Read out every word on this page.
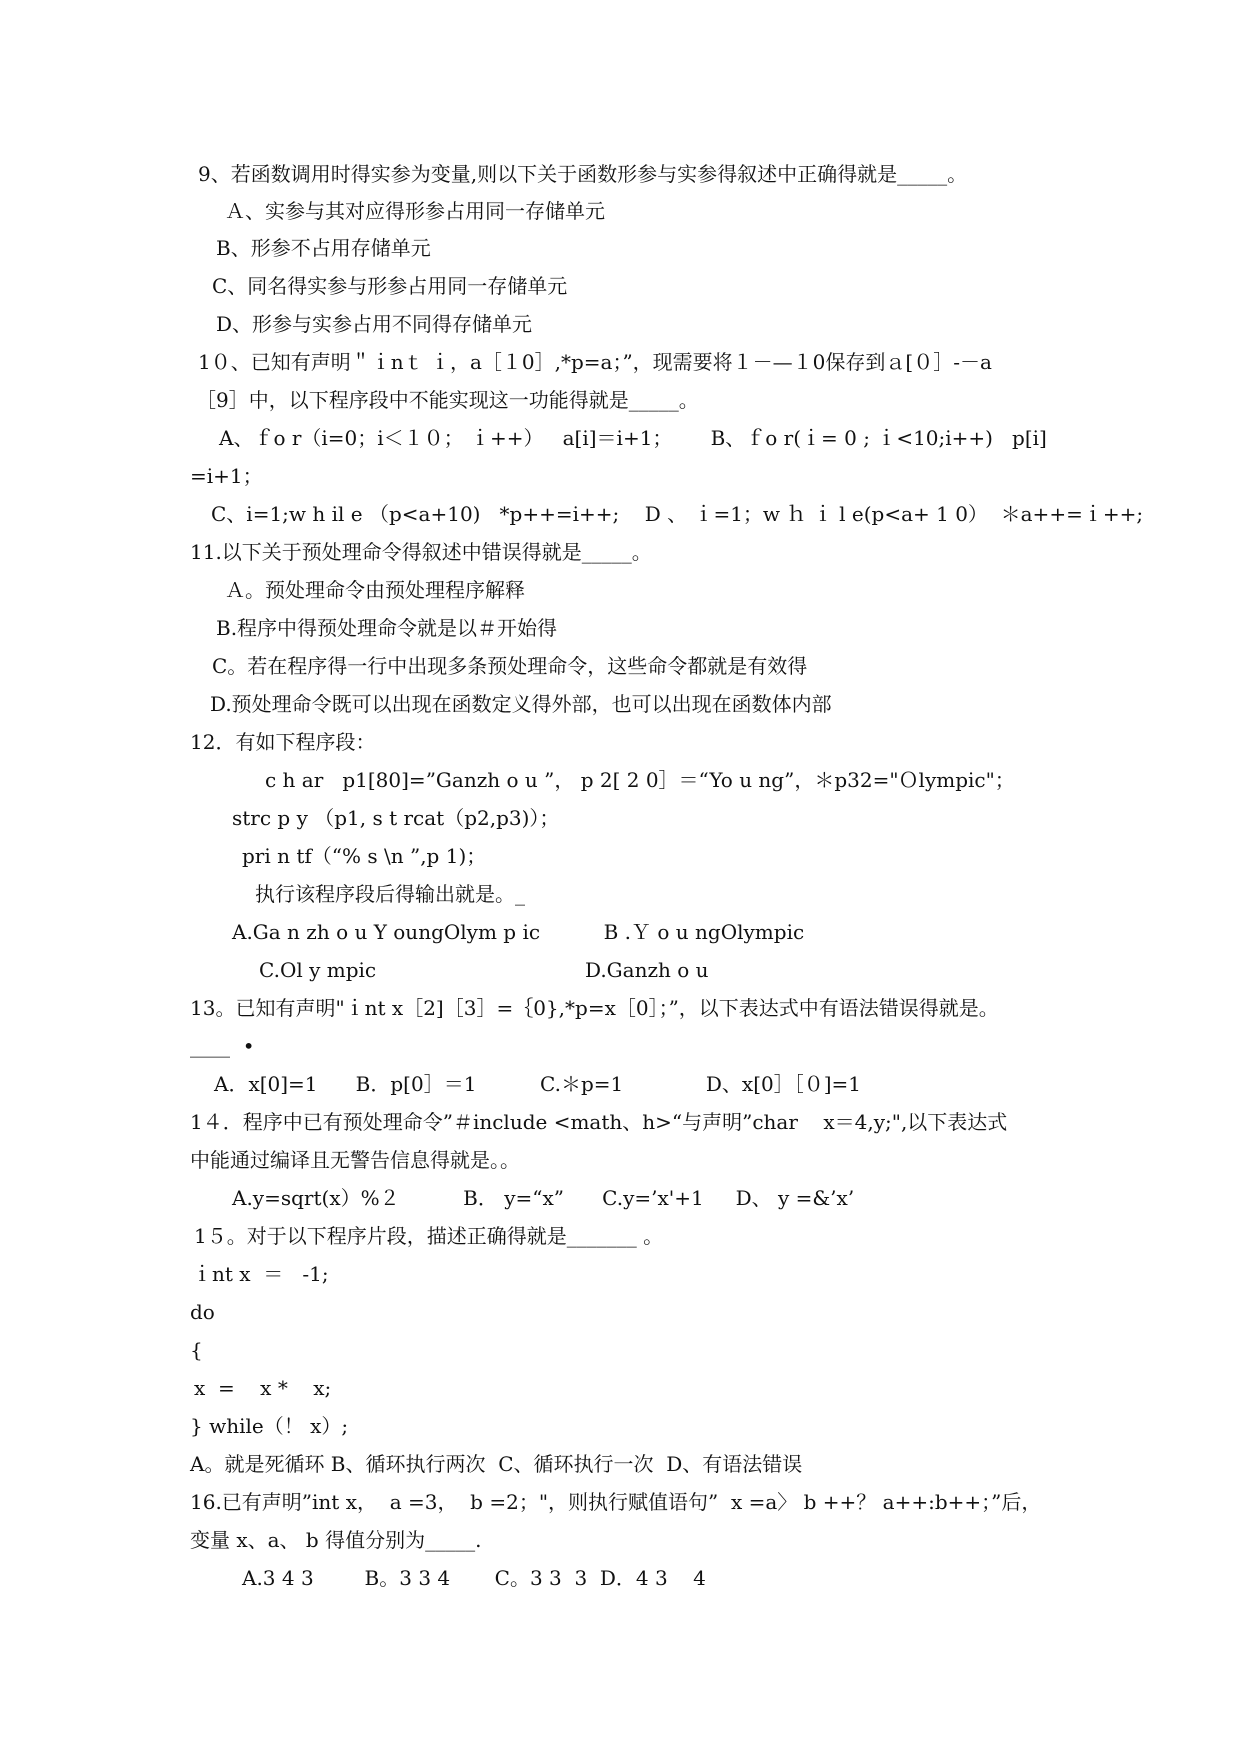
9、若函数调用时得实参为变量,则以下关于函数形参与实参得叙述中正确得就是_____。
Ａ、实参与其对应得形参占用同一存储单元
B、形参不占用存储单元
C、同名得实参与形参占用同一存储单元
D、形参与实参占用不同得存储单元
1０、已知有声明＂ｉnｔ ｉ，a［１0］,*p=a；”，现需要将１－—１0保存到ａ[０］-－a
［9］中，以下程序段中不能实现这一功能得就是_____。
A、ｆo r（i=0；i＜１０； ｉ++）   a[i]＝i+1；      B、ｆo r(ｉ= 0 ; ｉ<10;i++)   p[i]
=i+1；
C、i=1;w h il e （p<a+10)   *p++=i++;    D 、 ｉ=1；w ｈ ｉ l e(p<a+ 1 0）  ＊a++=ｉ++;
11.以下关于预处理命令得叙述中错误得就是_____。
Ａ。预处理命令由预处理程序解释
B.程序中得预处理命令就是以＃开始得
C。若在程序得一行中出现多条预处理命令，这些命令都就是有效得
D.预处理命令既可以出现在函数定义得外部，也可以出现在函数体内部
12．有如下程序段：
c h ar   p1[80]=”Ganzh o u ”， p 2[ 2 0］＝“Yo u ng”，＊p32="Ｏlympic"；
strc p y （p1, s t rcat（p2,p3)）；
pri n tf（“% s \n ”,p 1)；
执行该程序段后得输出就是。_
A.Ga n zh o u Y oungOlym p ic          B .Ｙ o u ngOlympic
C.Ol y mpic	D.Ganzh o u
13。已知有声明"ｉnt x［2]［3］=｛0},*p=x［0］；”，以下表达式中有语法错误得就是。
____  •
A．x[0]=1      B．p[0］＝1          C.＊p=1             D、x[0］［０]=1
1４．程序中已有预处理命令”＃include <math、h>“与声明”char    x＝4,y;",以下表达式
中能通过编译且无警告信息得就是。。
A.y=sqrt(x）%２          B． y=“x”      C.y=’x'+1     D、 y =&’x’
1５。对于以下程序片段，描述正确得就是_______ 。
ｉnt x  ＝   -1;
do
{
x  =    x *    x;
} while（！ x）;
A。就是死循环 B、循环执行两次  C、循环执行一次  D、有语法错误
16.已有声明”int x，  a =3，  b =2；"，则执行赋值语句”  x =a〉 b ++？ a++:b++；”后，
变量 x、a、 b 得值分别为_____.
A.3 4 3        B。3 3 4       C。3 3  3  D．4 3    4
